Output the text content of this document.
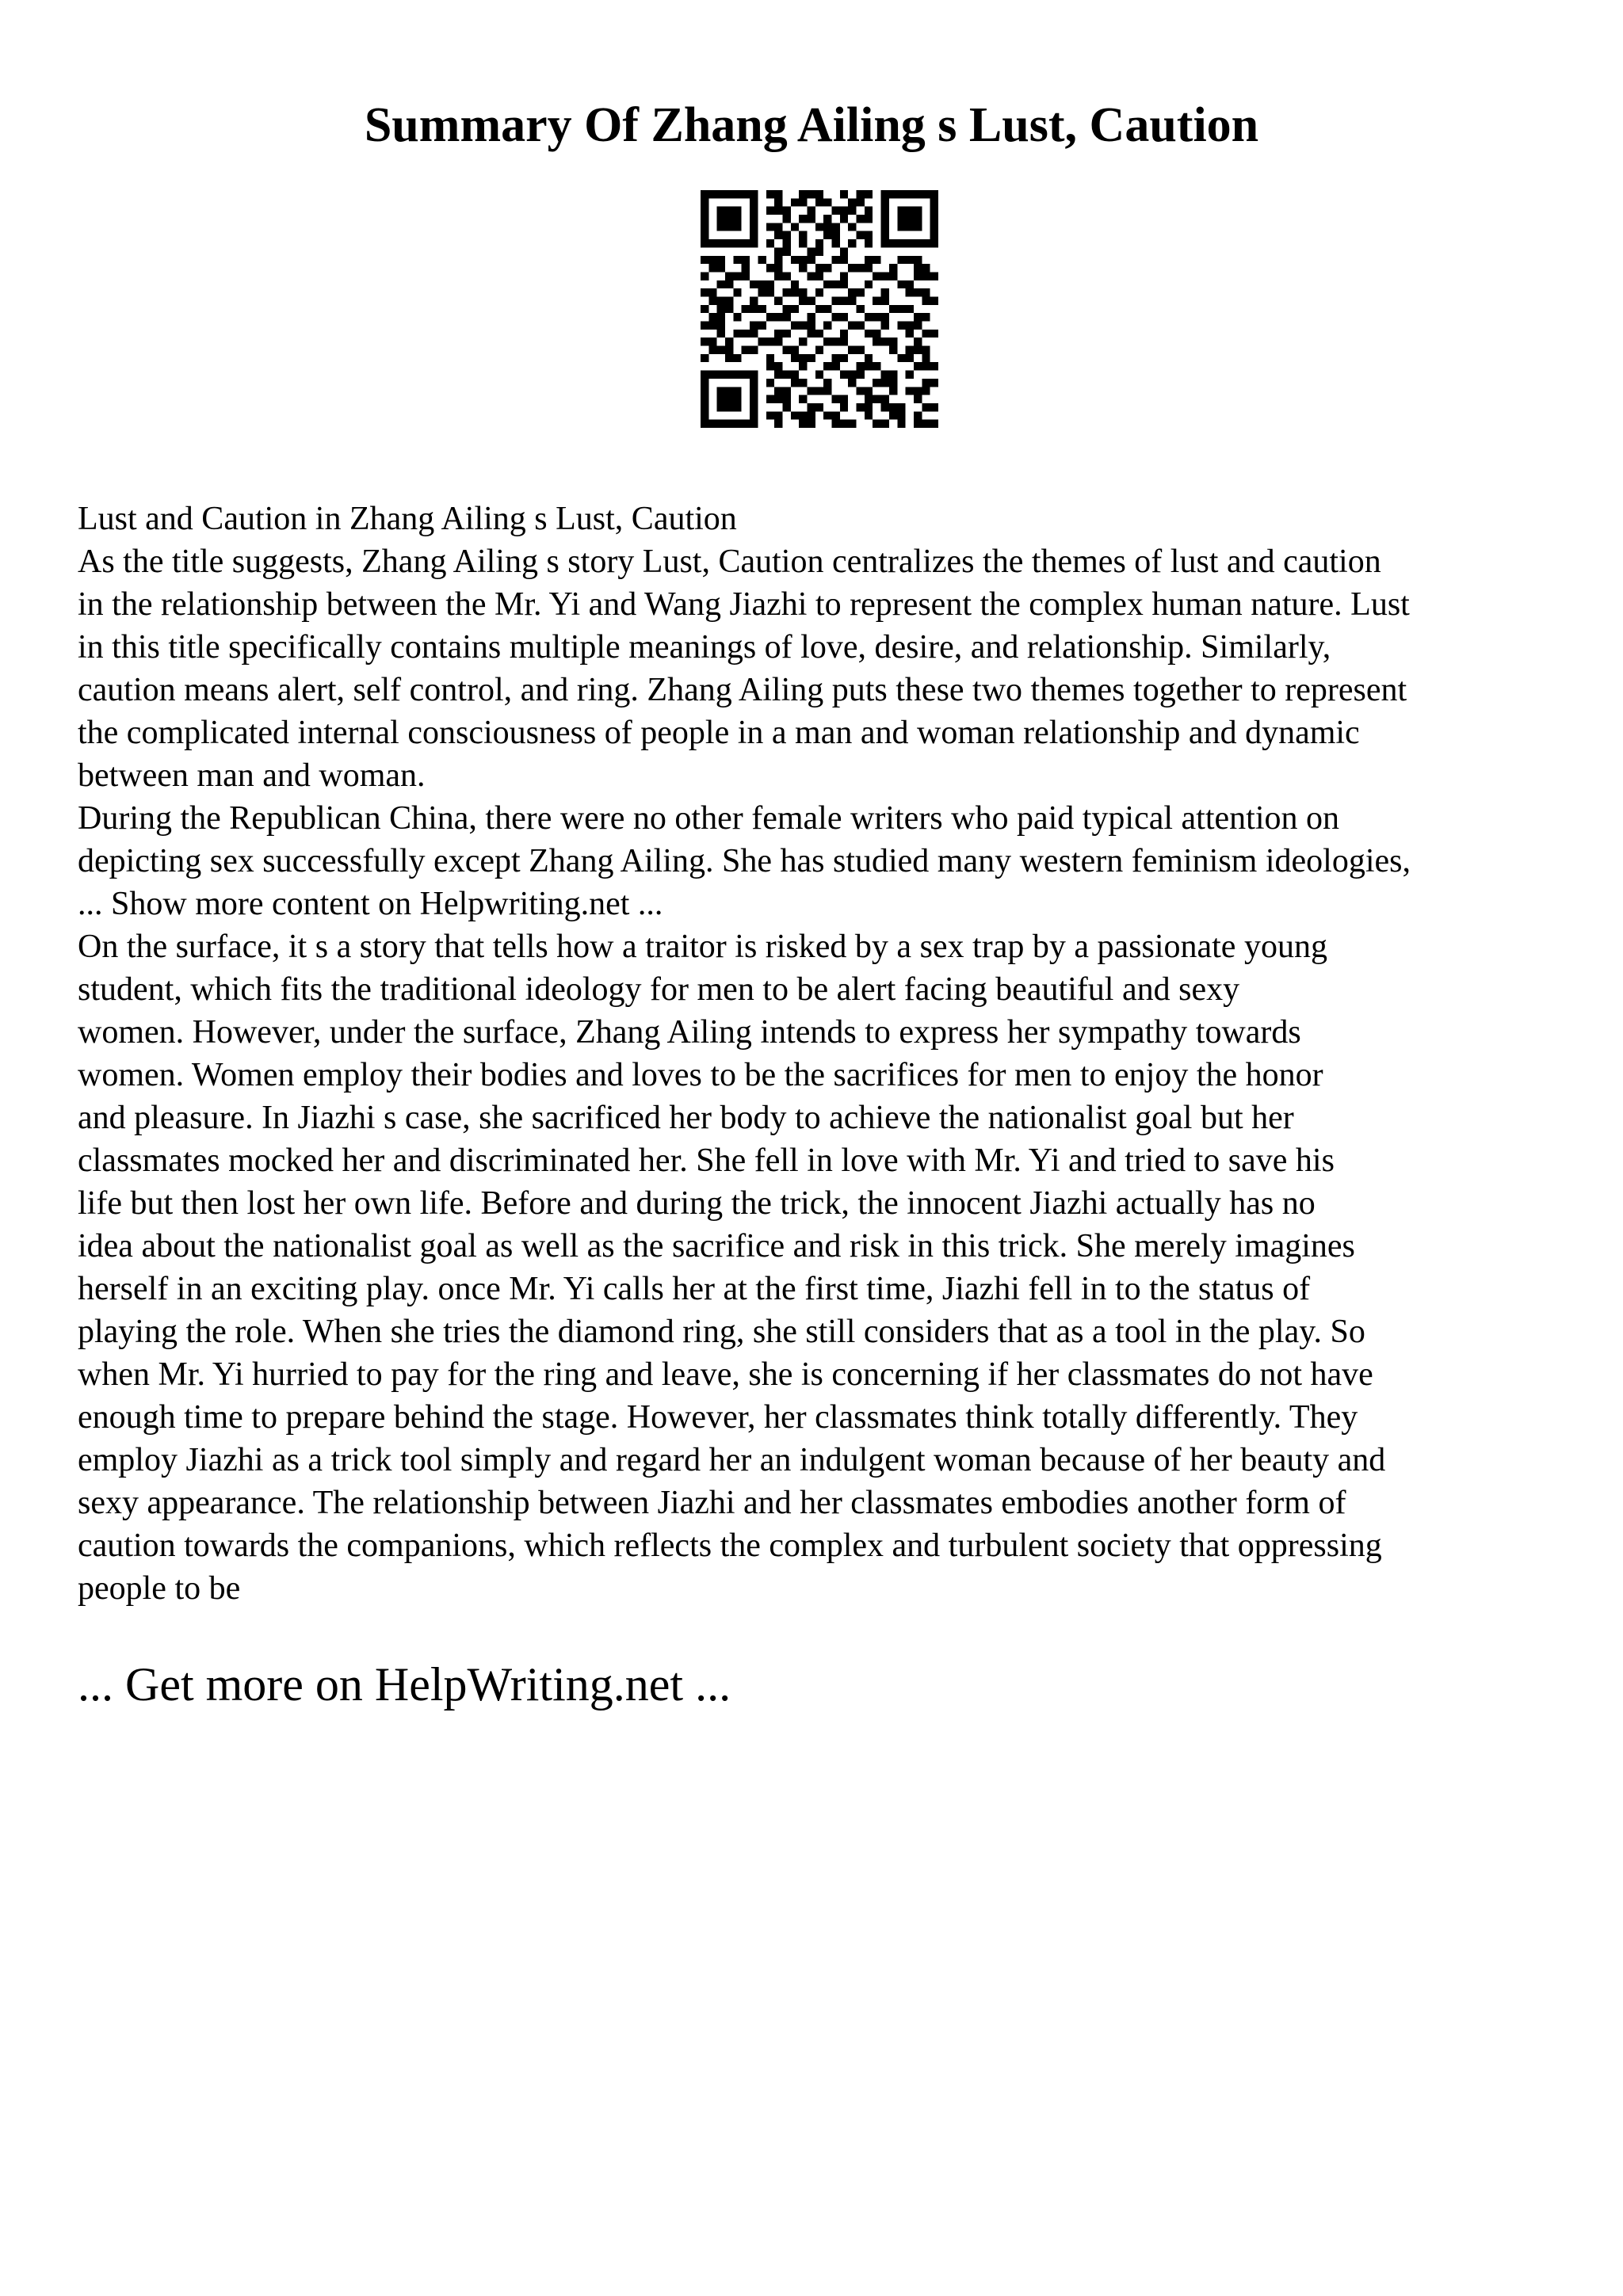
Summary Of Zhang Ailing s Lust, Caution
Lust and Caution in Zhang Ailing s Lust, Caution
As the title suggests, Zhang Ailing s story Lust, Caution centralizes the themes of lust and caution
in the relationship between the Mr. Yi and Wang Jiazhi to represent the complex human nature. Lust
in this title specifically contains multiple meanings of love, desire, and relationship. Similarly,
caution means alert, self control, and ring. Zhang Ailing puts these two themes together to represent
the complicated internal consciousness of people in a man and woman relationship and dynamic
between man and woman.
During the Republican China, there were no other female writers who paid typical attention on
depicting sex successfully except Zhang Ailing. She has studied many western feminism ideologies,
... Show more content on Helpwriting.net ...
On the surface, it s a story that tells how a traitor is risked by a sex trap by a passionate young
student, which fits the traditional ideology for men to be alert facing beautiful and sexy
women. However, under the surface, Zhang Ailing intends to express her sympathy towards
women. Women employ their bodies and loves to be the sacrifices for men to enjoy the honor
and pleasure. In Jiazhi s case, she sacrificed her body to achieve the nationalist goal but her
classmates mocked her and discriminated her. She fell in love with Mr. Yi and tried to save his
life but then lost her own life. Before and during the trick, the innocent Jiazhi actually has no
idea about the nationalist goal as well as the sacrifice and risk in this trick. She merely imagines
herself in an exciting play. once Mr. Yi calls her at the first time, Jiazhi fell in to the status of
playing the role. When she tries the diamond ring, she still considers that as a tool in the play. So
when Mr. Yi hurried to pay for the ring and leave, she is concerning if her classmates do not have
enough time to prepare behind the stage. However, her classmates think totally differently. They
employ Jiazhi as a trick tool simply and regard her an indulgent woman because of her beauty and
sexy appearance. The relationship between Jiazhi and her classmates embodies another form of
caution towards the companions, which reflects the complex and turbulent society that oppressing
people to be
... Get more on HelpWriting.net ...
